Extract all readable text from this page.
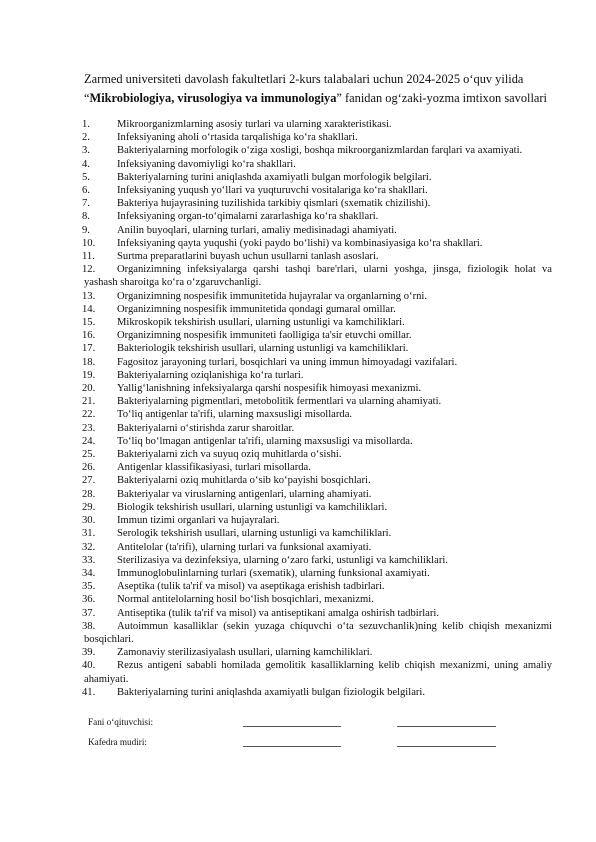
Zarmed universiteti davolash fakultetlari 2-kurs talabalari uchun 2024-2025 o‘quv yilida
“Mikrobiologiya, virusologiya va immunologiya” fanidan og‘zaki-yozma imtixon savollari
1.	Mikroorganizmlarning asosiy turlari va ularning xarakteristikasi.
2.	Infeksiyaning aholi o‘rtasida tarqalishiga ko‘ra shakllari.
3.	Bakteriyalarning morfologik o‘ziga xosligi, boshqa mikroorganizmlardan farqlari va axamiyati.
4.	Infeksiyaning davomiyligi ko‘ra shakllari.
5.	Bakteriyalarning turini aniqlashda axamiyatli bulgan morfologik belgilari.
6.	Infeksiyaning yuqush yo‘llari va yuqturuvchi vositalariga ko‘ra shakllari.
7.	Bakteriya hujayrasining tuzilishida tarkibiy qismlari (sxematik chizilishi).
8.	Infeksiyaning organ-to‘qimalarni zararlashiga ko‘ra shakllari.
9.	Anilin buyoqlari, ularning turlari, amaliy medisinadagi ahamiyati.
10. Infeksiyaning qayta yuqushi (yoki paydo bo‘lishi) va kombinasiyasiga ko‘ra shakllari.
11. Surtma preparatlarini buyash uchun usullarni tanlash asoslari.
12. Organizimning infeksiyalarga qarshi tashqi bare'rlari, ularni yoshga, jinsga, fiziologik holat va yashash sharoitga ko‘ra o‘zgaruvchanligi.
13. Organizimning nospesifik immunitetida hujayralar va organlarning o‘rni.
14. Organizimning nospesifik immunitetida qondagi gumaral omillar.
15. Mikroskopik tekshirish usullari, ularning ustunligi va kamchiliklari.
16. Organizimning nospesifik immuniteti faolligiga ta'sir etuvchi omillar.
17. Bakteriologik tekshirish usullari, ularning ustunligi va kamchiliklari.
18. Fagositoz jarayoning turlari, bosqichlari va uning immun himoyadagi vazifalari.
19. Bakteriyalarning oziqlanishiga ko‘ra turlari.
20. Yallig‘lanishning infeksiyalarga qarshi nospesifik himoyasi mexanizmi.
21. Bakteriyalarning pigmentlari, metobolitik fermentlari va ularning ahamiyati.
22. To‘liq antigenlar ta'rifi, ularning maxsusligi misollarda.
23. Bakteriyalarni o‘stirishda zarur sharoitlar.
24. To‘liq bo‘lmagan antigenlar ta'rifi, ularning maxsusligi va misollarda.
25. Bakteriyalarni zich va suyuq oziq muhitlarda o‘sishi.
26. Antigenlar klassifikasiyasi, turlari misollarda.
27. Bakteriyalarni oziq muhitlarda o‘sib ko‘payishi bosqichlari.
28. Bakteriyalar va viruslarning antigenlari, ularning ahamiyati.
29. Biologik tekshirish usullari, ularning ustunligi va kamchiliklari.
30. Immun tizimi organlari va hujayralari.
31. Serologik tekshirish usullari, ularning ustunligi va kamchiliklari.
32. Antitelolar (ta'rifi), ularning turlari va funksional axamiyati.
33. Sterilizasiya va dezinfeksiya, ularning o‘zaro farki, ustunligi va kamchiliklari.
34. Immunoglobulinlarning turlari (sxematik), ularning funksional axamiyati.
35. Aseptika (tulik ta'rif va misol) va aseptikaga erishish tadbirlari.
36. Normal antitelolarning hosil bo‘lish bosqichlari, mexanizmi.
37. Antiseptika (tulik ta'rif va misol) va antiseptikani amalga oshirish tadbirlari.
38. Autoimmun kasalliklar (sekin yuzaga chiquvchi o‘ta sezuvchanlik)ning kelib chiqish mexanizmi bosqichlari.
39. Zamonaviy sterilizasiyalash usullari, ularning kamchiliklari.
40. Rezus antigeni sababli homilada gemolitik kasalliklarning kelib chiqish mexanizmi, uning amaliy ahamiyati.
41. Bakteriyalarning turini aniqlashda axamiyatli bulgan fiziologik belgilari.
Fani o‘qituvchisi:
Kafedra mudiri:
